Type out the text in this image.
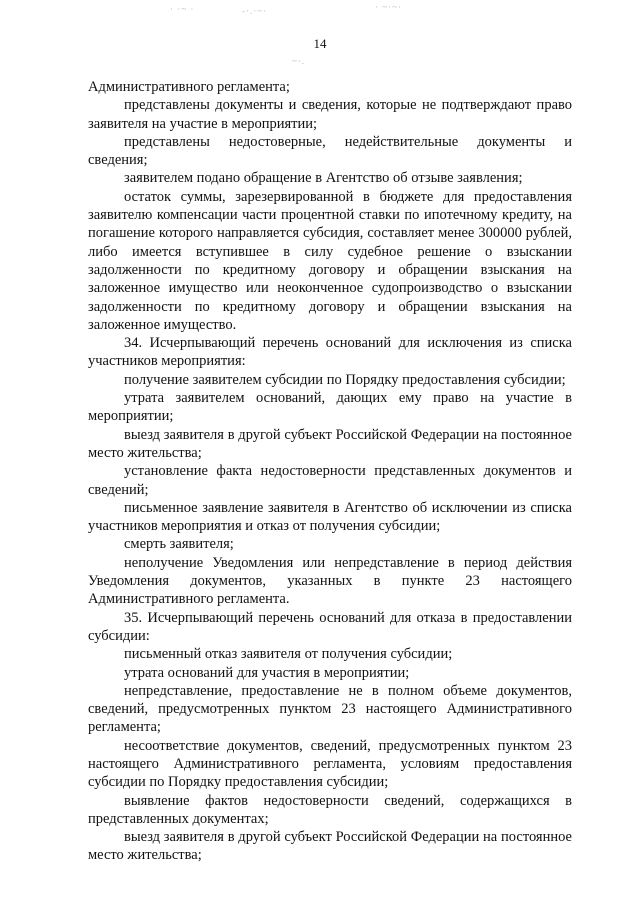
· ·~ ·	-·.·~·	· ~·~·
~·.
14

Административного регламента;

представлены документы и сведения, которые не подтверждают право заявителя на участие в мероприятии;

представлены недостоверные, недействительные документы и сведения;

заявителем подано обращение в Агентство об отзыве заявления;

остаток суммы, зарезервированной в бюджете для предоставления заявителю компенсации части процентной ставки по ипотечному кредиту, на погашение которого направляется субсидия, составляет менее 300000 рублей, либо имеется вступившее в силу судебное решение о взыскании задолженности по кредитному договору и обращении взыскания на заложенное имущество или неоконченное судопроизводство о взыскании задолженности по кредитному договору и обращении взыскания на заложенное имущество.

34. Исчерпывающий перечень оснований для исключения из списка участников мероприятия:

получение заявителем субсидии по Порядку предоставления субсидии;

утрата заявителем оснований, дающих ему право на участие в мероприятии;

выезд заявителя в другой субъект Российской Федерации на постоянное место жительства;

установление факта недостоверности представленных документов и сведений;

письменное заявление заявителя в Агентство об исключении из списка участников мероприятия и отказ от получения субсидии;

смерть заявителя;

неполучение Уведомления или непредставление в период действия Уведомления документов, указанных в пункте 23 настоящего Административного регламента.

35. Исчерпывающий перечень оснований для отказа в предоставлении субсидии:

письменный отказ заявителя от получения субсидии;

утрата оснований для участия в мероприятии;

непредставление, предоставление не в полном объеме документов, сведений, предусмотренных пунктом 23 настоящего Административного регламента;

несоответствие документов, сведений, предусмотренных пунктом 23 настоящего Административного регламента, условиям предоставления субсидии по Порядку предоставления субсидии;

выявление фактов недостоверности сведений, содержащихся в представленных документах;

выезд заявителя в другой субъект Российской Федерации на постоянное место жительства;
